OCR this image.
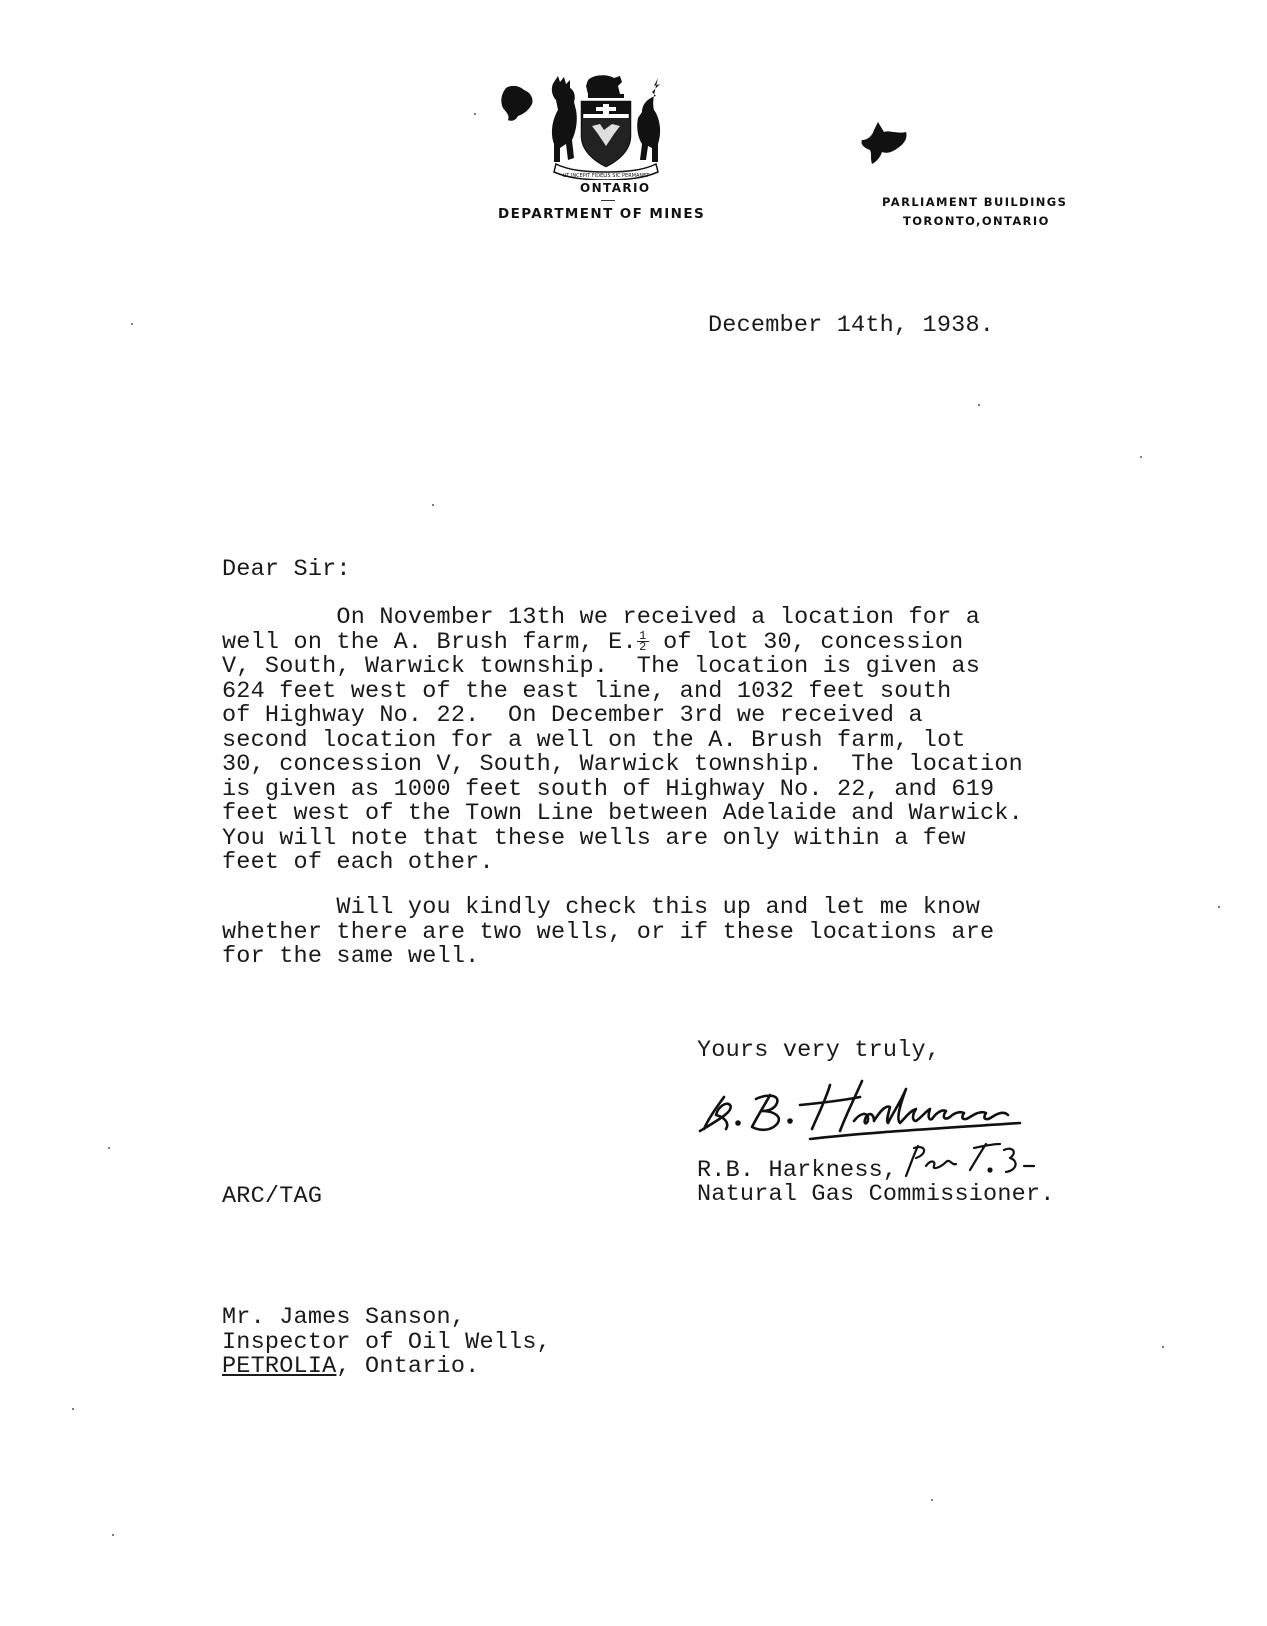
UT INCEPIT FIDELIS SIC PERMANET
ONTARIO
DEPARTMENT OF MINES
PARLIAMENT BUILDINGS
TORONTO,ONTARIO
December 14th, 1938.
Dear Sir:
On November 13th we received a location for a
well on the A. Brush farm, E. $\frac{1}{2}$ of lot 30, concession
V, South, Warwick township.  The location is given as
624 feet west of the east line, and 1032 feet south
of Highway No. 22.  On December 3rd we received a
second location for a well on the A. Brush farm, lot
30, concession V, South, Warwick township.  The location
is given as 1000 feet south of Highway No. 22, and 619
feet west of the Town Line between Adelaide and Warwick.
You will note that these wells are only within a few
feet of each other.
Will you kindly check this up and let me know
whether there are two wells, or if these locations are
for the same well.
Yours very truly,
R.B. Harkness,
Natural Gas Commissioner.
ARC/TAG
Mr. James Sanson,
Inspector of Oil Wells,
PETROLIA, Ontario.
